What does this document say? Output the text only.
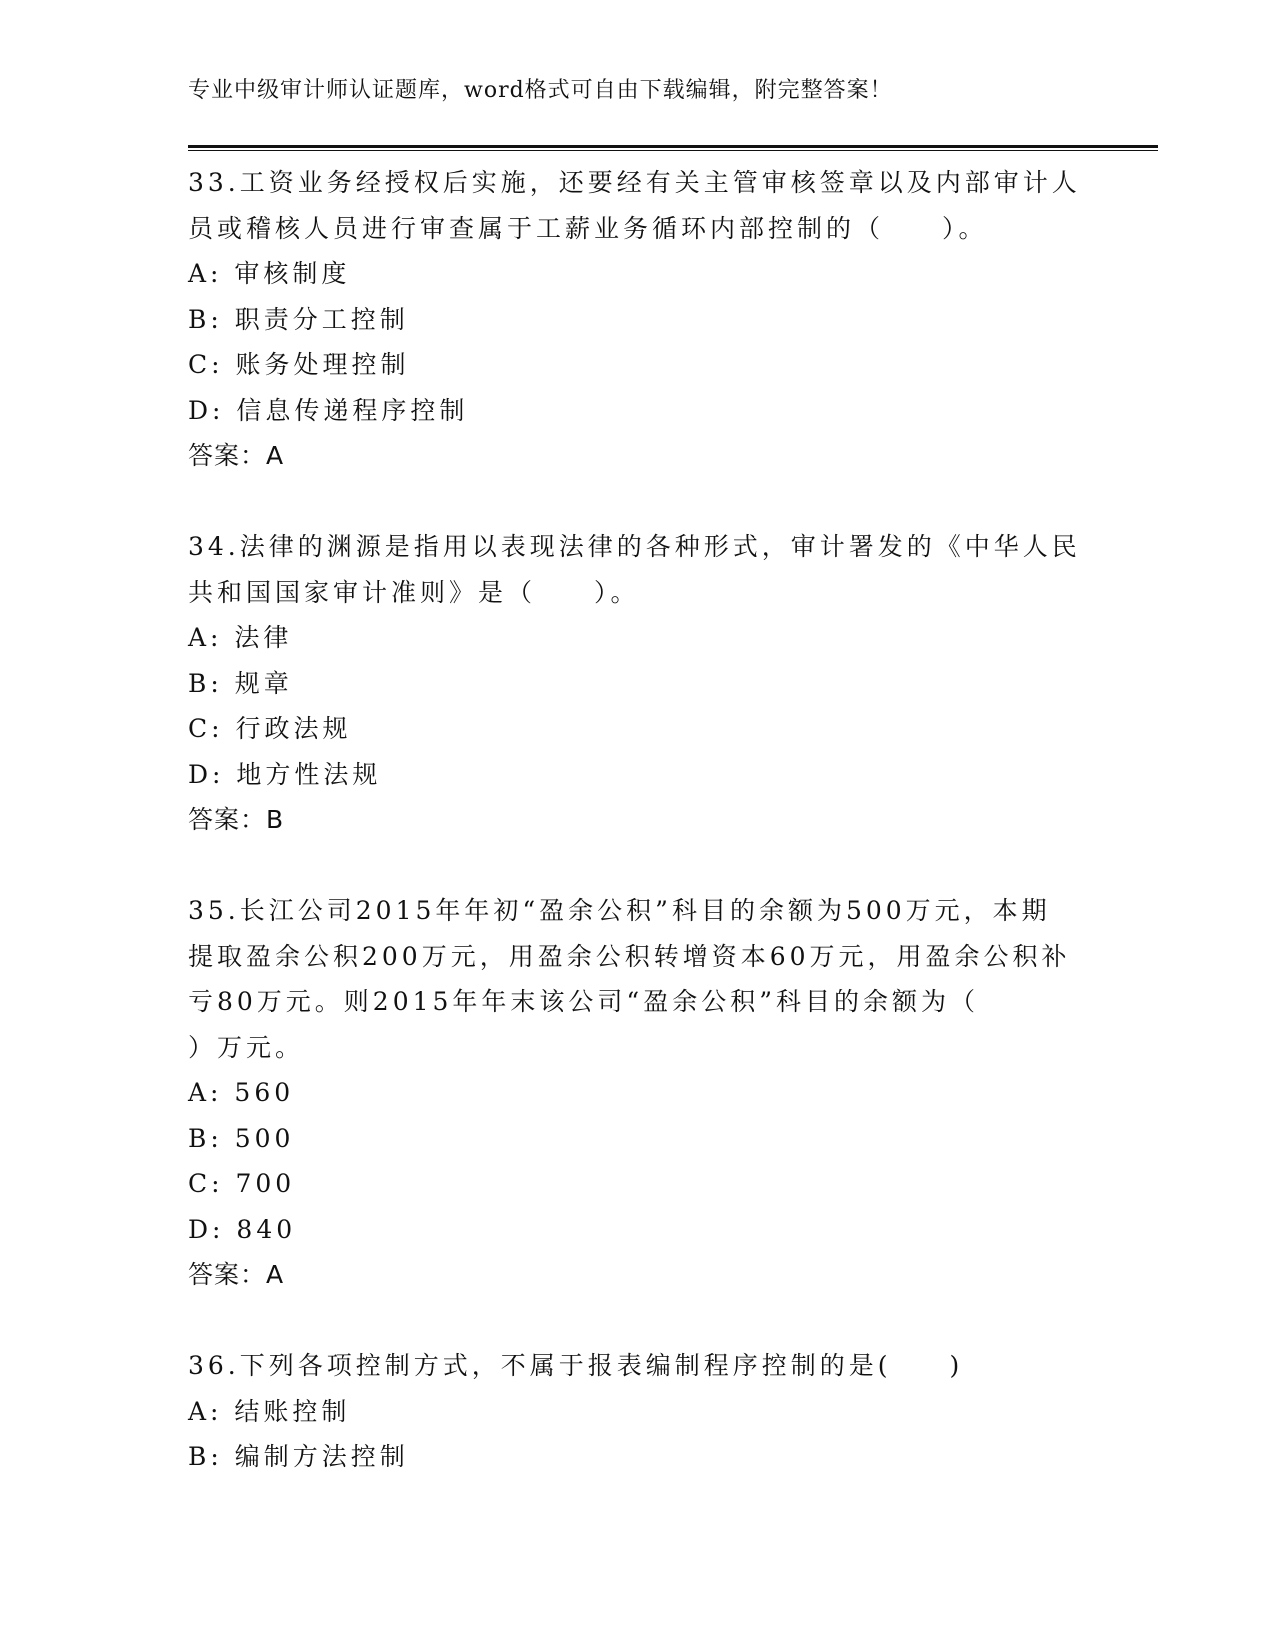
专业中级审计师认证题库，word格式可自由下载编辑，附完整答案！
33.工资业务经授权后实施，还要经有关主管审核签章以及内部审计人
员或稽核人员进行审查属于工薪业务循环内部控制的（　　）。
A: 审核制度
B: 职责分工控制
C: 账务处理控制
D: 信息传递程序控制
答案：A
34.法律的渊源是指用以表现法律的各种形式，审计署发的《中华人民
共和国国家审计准则》是（　　）。
A: 法律
B: 规章
C: 行政法规
D: 地方性法规
答案：B
35.长江公司2015年年初“盈余公积”科目的余额为500万元，本期
提取盈余公积200万元，用盈余公积转增资本60万元，用盈余公积补
亏80万元。则2015年年末该公司“盈余公积”科目的余额为（
）万元。
A: 560
B: 500
C: 700
D: 840
答案：A
36.下列各项控制方式，不属于报表编制程序控制的是(　　)
A: 结账控制
B: 编制方法控制
